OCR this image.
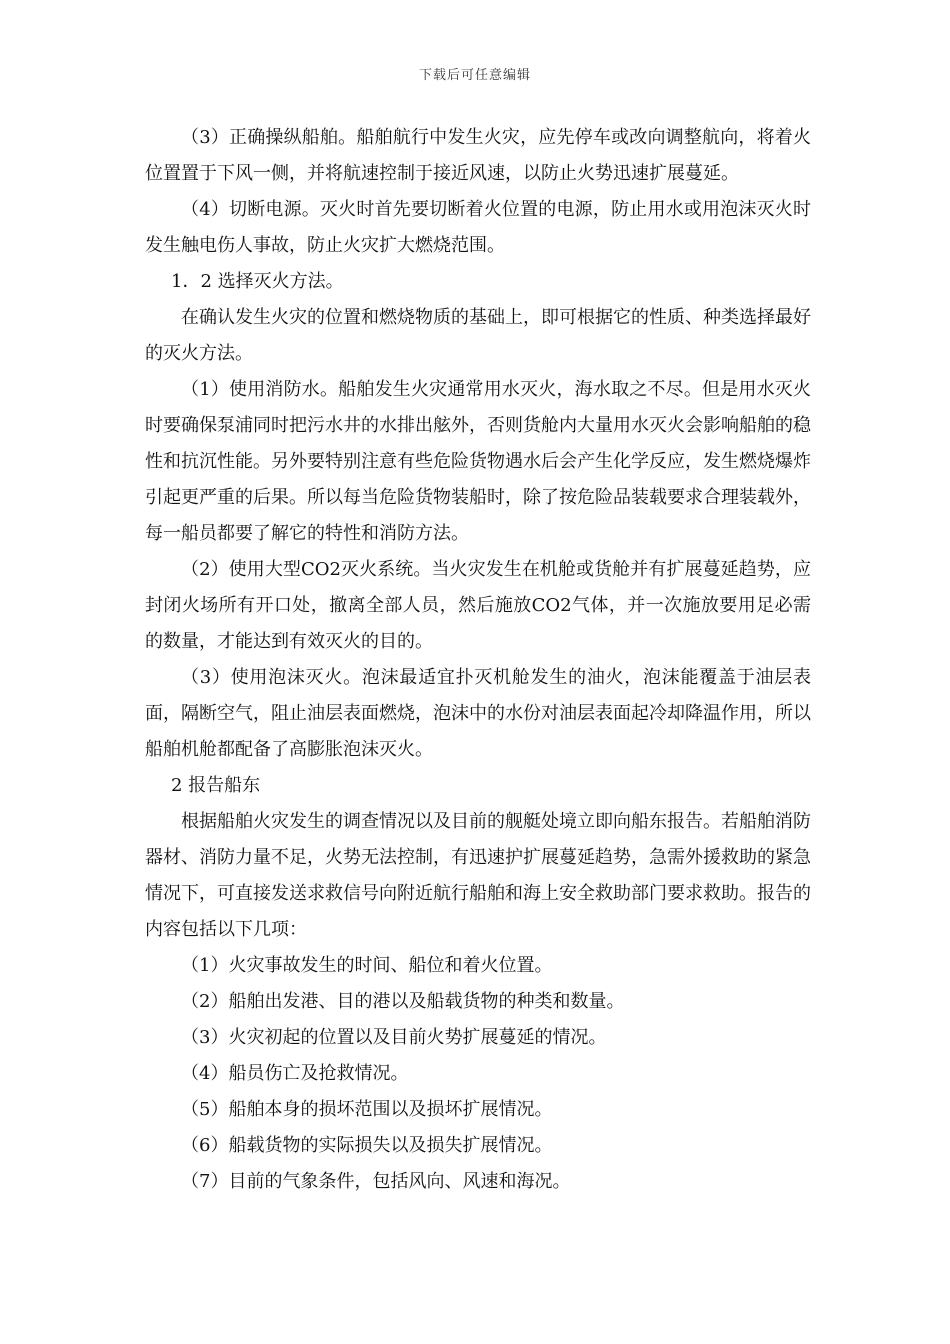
下载后可任意编辑

（3）正确操纵船舶。船舶航行中发生火灾，应先停车或改向调整航向，将着火位置置于下风一侧，并将航速控制于接近风速，以防止火势迅速扩展蔓延。

（4）切断电源。灭火时首先要切断着火位置的电源，防止用水或用泡沫灭火时发生触电伤人事故，防止火灾扩大燃烧范围。

1．2 选择灭火方法。

在确认发生火灾的位置和燃烧物质的基础上，即可根据它的性质、种类选择最好的灭火方法。

（1）使用消防水。船舶发生火灾通常用水灭火，海水取之不尽。但是用水灭火时要确保泵浦同时把污水井的水排出舷外，否则货舱内大量用水灭火会影响船舶的稳性和抗沉性能。另外要特别注意有些危险货物遇水后会产生化学反应，发生燃烧爆炸引起更严重的后果。所以每当危险货物装船时，除了按危险品装载要求合理装载外，每一船员都要了解它的特性和消防方法。

（2）使用大型CO2灭火系统。当火灾发生在机舱或货舱并有扩展蔓延趋势，应封闭火场所有开口处，撤离全部人员，然后施放CO2气体，并一次施放要用足必需的数量，才能达到有效灭火的目的。

（3）使用泡沫灭火。泡沫最适宜扑灭机舱发生的油火，泡沫能覆盖于油层表面，隔断空气，阻止油层表面燃烧，泡沫中的水份对油层表面起冷却降温作用，所以船舶机舱都配备了高膨胀泡沫灭火。

2 报告船东

根据船舶火灾发生的调查情况以及目前的舰艇处境立即向船东报告。若船舶消防器材、消防力量不足，火势无法控制，有迅速护扩展蔓延趋势，急需外援救助的紧急情况下，可直接发送求救信号向附近航行船舶和海上安全救助部门要求救助。报告的内容包括以下几项：

（1）火灾事故发生的时间、船位和着火位置。

（2）船舶出发港、目的港以及船载货物的种类和数量。

（3）火灾初起的位置以及目前火势扩展蔓延的情况。

（4）船员伤亡及抢救情况。

（5）船舶本身的损坏范围以及损坏扩展情况。

（6）船载货物的实际损失以及损失扩展情况。

（7）目前的气象条件，包括风向、风速和海况。
